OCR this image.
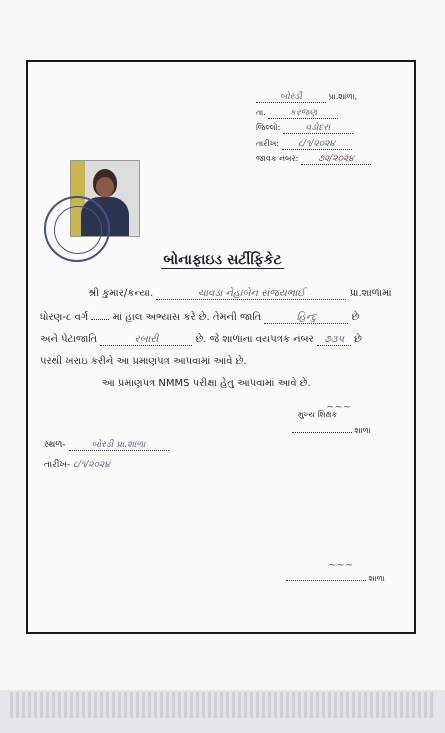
બોરડી	પ્રા.શાળા,
તા.	કરજણ
જિલ્લો:	વડોદરા
તારીખ: ૮/૧/૨૦૨૪
જાવક નંબર: ૭૨/૨૦૨૪
બોનાફાઇડ સર્ટીફિકેટ
શ્રી કુમાર/કન્યા.	ચાવડા નેહાબેન સંજયભાઈ	પ્રા.શાળામાં
ધોરણ-૮ વર્ગ માં હાલ અભ્યાસ કરે છે. તેમની જાતિ	હિન્દુ	છે
અને પેટાજાતિ	રબારી	છે. જે શાળાના વયપત્રક નંબર ૭૩૫ છે
પરથી ખરાઇ કરીને આ પ્રમાણપત્ર આપવામાં આવે છે.
આ પ્રમાણપત્ર NMMS પરીક્ષા હેતુ આપવામાં આવે છે.
~~~
મુખ્ય શિક્ષક
શાળા
સ્થળ-	બોરડી પ્રા.શાળા
તારીખ- ૮/૧/૨૦૨૪
~~~
શાળા
